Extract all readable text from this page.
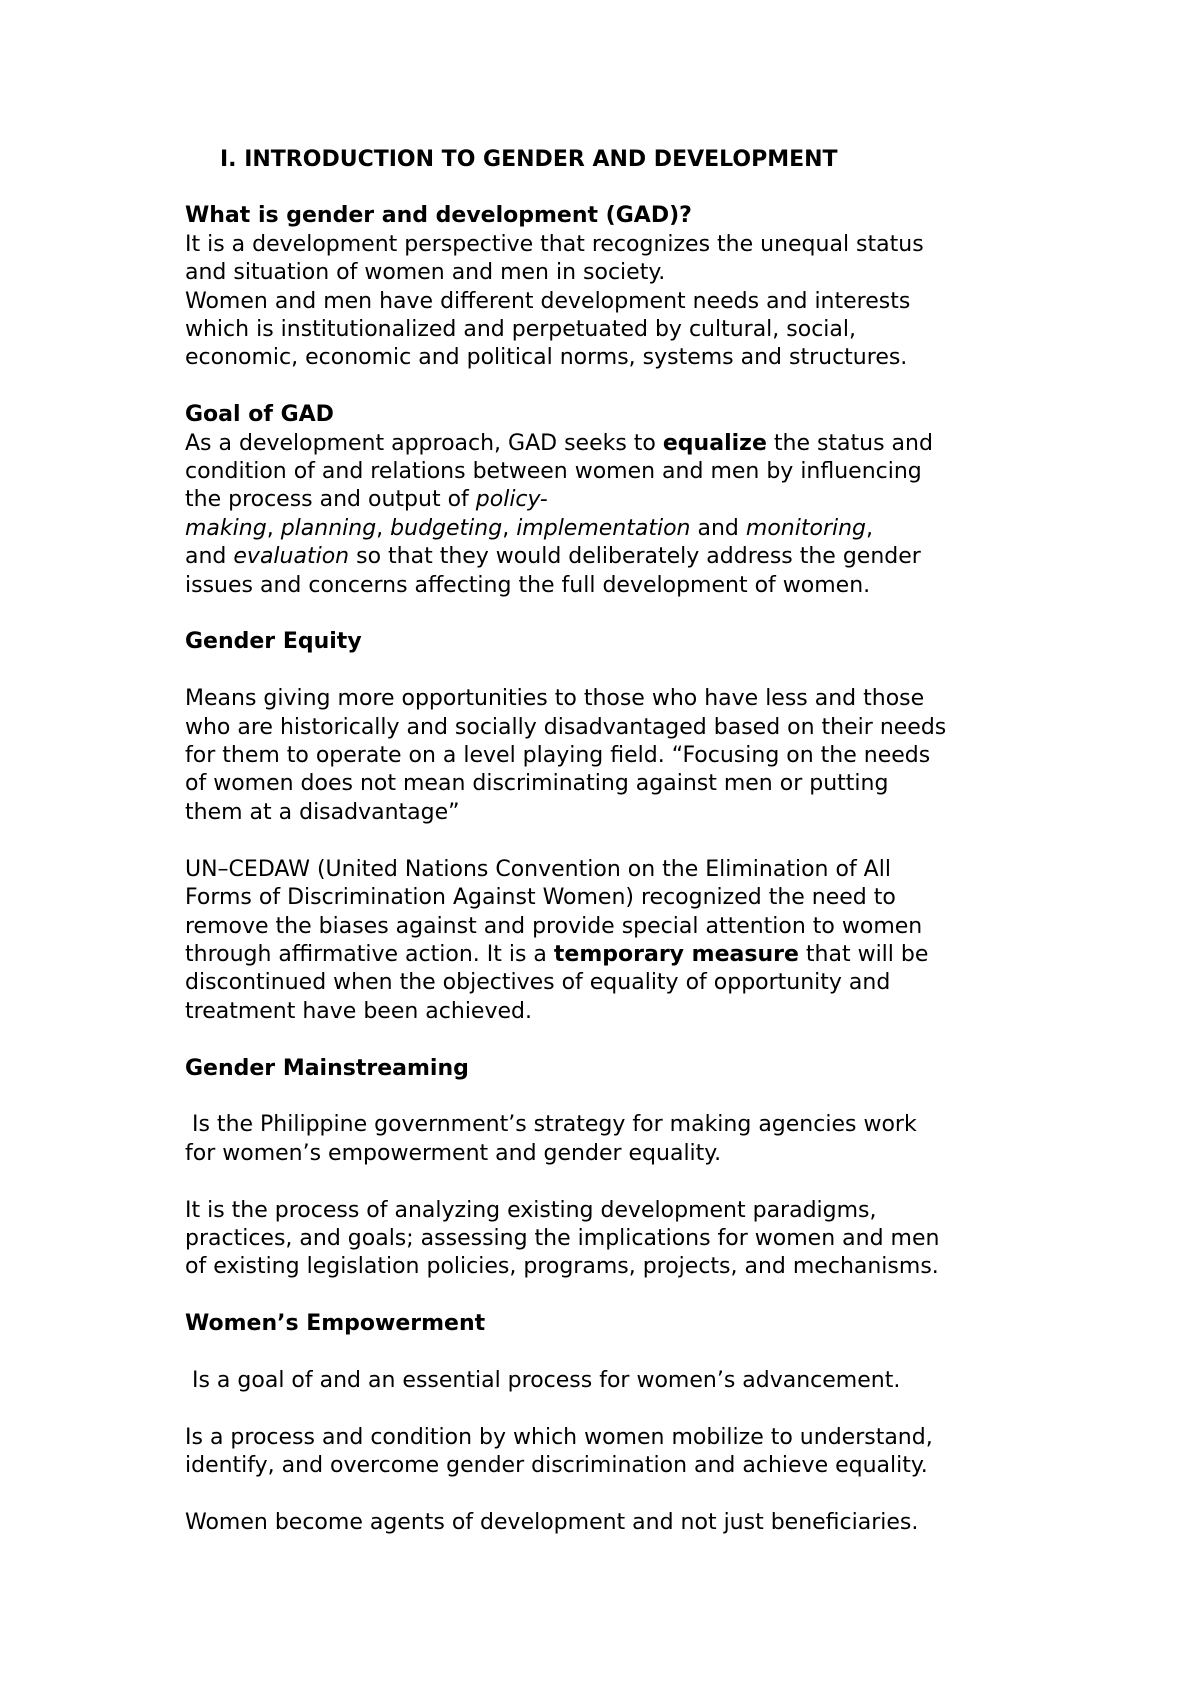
I. INTRODUCTION TO GENDER AND DEVELOPMENT
What is gender and development (GAD)?

It is a development perspective that recognizes the unequal status
and situation of women and men in society.
Women and men have different development needs and interests
which is institutionalized and perpetuated by cultural, social,
economic, economic and political norms, systems and structures.

Goal of GAD

As a development approach, GAD seeks to equalize the status and
condition of and relations between women and men by influencing
the process and output of policy-
making, planning, budgeting, implementation and monitoring,
and evaluation so that they would deliberately address the gender
issues and concerns affecting the full development of women.

Gender Equity

Means giving more opportunities to those who have less and those
who are historically and socially disadvantaged based on their needs
for them to operate on a level playing field. “Focusing on the needs
of women does not mean discriminating against men or putting
them at a disadvantage”

UN–CEDAW (United Nations Convention on the Elimination of All
Forms of Discrimination Against Women) recognized the need to
remove the biases against and provide special attention to women
through affirmative action. It is a temporary measure that will be
discontinued when the objectives of equality of opportunity and
treatment have been achieved.

Gender Mainstreaming

Is the Philippine government’s strategy for making agencies work
for women’s empowerment and gender equality.

It is the process of analyzing existing development paradigms,
practices, and goals; assessing the implications for women and men
of existing legislation policies, programs, projects, and mechanisms.

Women’s Empowerment

Is a goal of and an essential process for women’s advancement.

Is a process and condition by which women mobilize to understand,
identify, and overcome gender discrimination and achieve equality.

Women become agents of development and not just beneficiaries.
